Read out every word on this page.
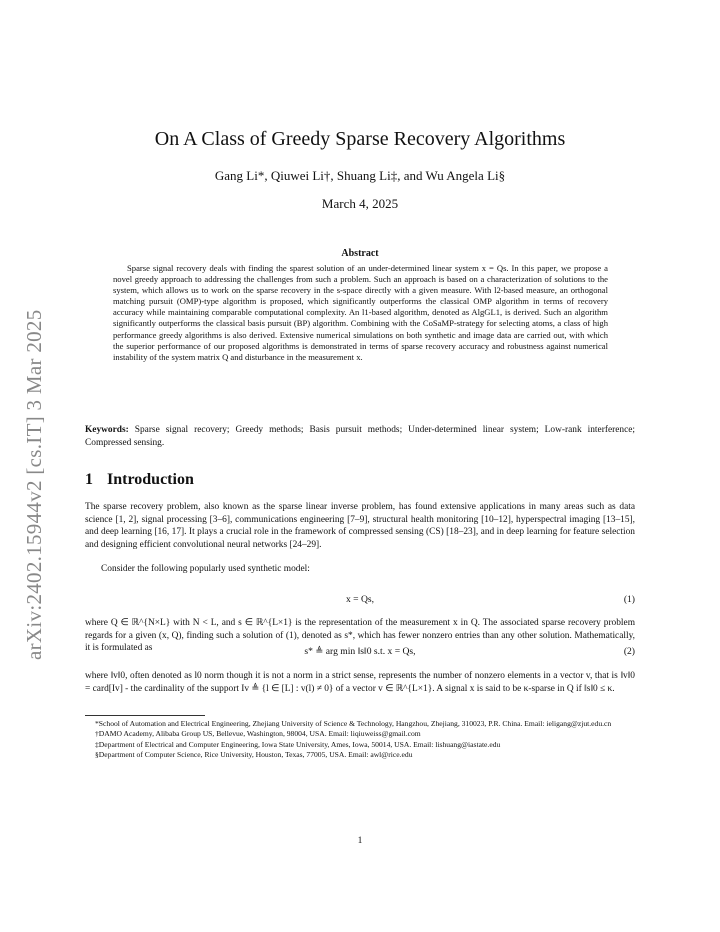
arXiv:2402.15944v2 [cs.IT] 3 Mar 2025
On A Class of Greedy Sparse Recovery Algorithms
Gang Li*, Qiuwei Li†, Shuang Li‡, and Wu Angela Li§
March 4, 2025
Abstract
Sparse signal recovery deals with finding the sparest solution of an under-determined linear system x = Qs. In this paper, we propose a novel greedy approach to addressing the challenges from such a problem. Such an approach is based on a characterization of solutions to the system, which allows us to work on the sparse recovery in the s-space directly with a given measure. With l2-based measure, an orthogonal matching pursuit (OMP)-type algorithm is proposed, which significantly outperforms the classical OMP algorithm in terms of recovery accuracy while maintaining comparable computational complexity. An l1-based algorithm, denoted as AlgGL1, is derived. Such an algorithm significantly outperforms the classical basis pursuit (BP) algorithm. Combining with the CoSaMP-strategy for selecting atoms, a class of high performance greedy algorithms is also derived. Extensive numerical simulations on both synthetic and image data are carried out, with which the superior performance of our proposed algorithms is demonstrated in terms of sparse recovery accuracy and robustness against numerical instability of the system matrix Q and disturbance in the measurement x.
Keywords: Sparse signal recovery; Greedy methods; Basis pursuit methods; Under-determined linear system; Low-rank interference; Compressed sensing.
1 Introduction
The sparse recovery problem, also known as the sparse linear inverse problem, has found extensive applications in many areas such as data science [1, 2], signal processing [3–6], communications engineering [7–9], structural health monitoring [10–12], hyperspectral imaging [13–15], and deep learning [16, 17]. It plays a crucial role in the framework of compressed sensing (CS) [18–23], and in deep learning for feature selection and designing efficient convolutional neural networks [24–29].
Consider the following popularly used synthetic model:
x = Qs,	(1)
where Q ∈ ℝ^{N×L} with N < L, and s ∈ ℝ^{L×1} is the representation of the measurement x in Q. The associated sparse recovery problem regards for a given (x, Q), finding such a solution of (1), denoted as s*, which has fewer nonzero entries than any other solution. Mathematically, it is formulated as	s* ≜ arg min ‖s‖0 s.t. x = Qs,	(2)
where ‖v‖0, often denoted as l0 norm though it is not a norm in a strict sense, represents the number of nonzero elements in a vector v, that is ‖v‖0 = card[Iv] - the cardinality of the support Iv ≜ {l ∈ [L] : v(l) ≠ 0} of a vector v ∈ ℝ^{L×1}. A signal x is said to be κ-sparse in Q if ‖s‖0 ≤ κ.
*School of Automation and Electrical Engineering, Zhejiang University of Science & Technology, Hangzhou, Zhejiang, 310023, P.R. China. Email: ieligang@zjut.edu.cn
†DAMO Academy, Alibaba Group US, Bellevue, Washington, 98004, USA. Email: liqiuweiss@gmail.com
‡Department of Electrical and Computer Engineering, Iowa State University, Ames, Iowa, 50014, USA. Email: lishuang@iastate.edu
§Department of Computer Science, Rice University, Houston, Texas, 77005, USA. Email: awl@rice.edu
1
